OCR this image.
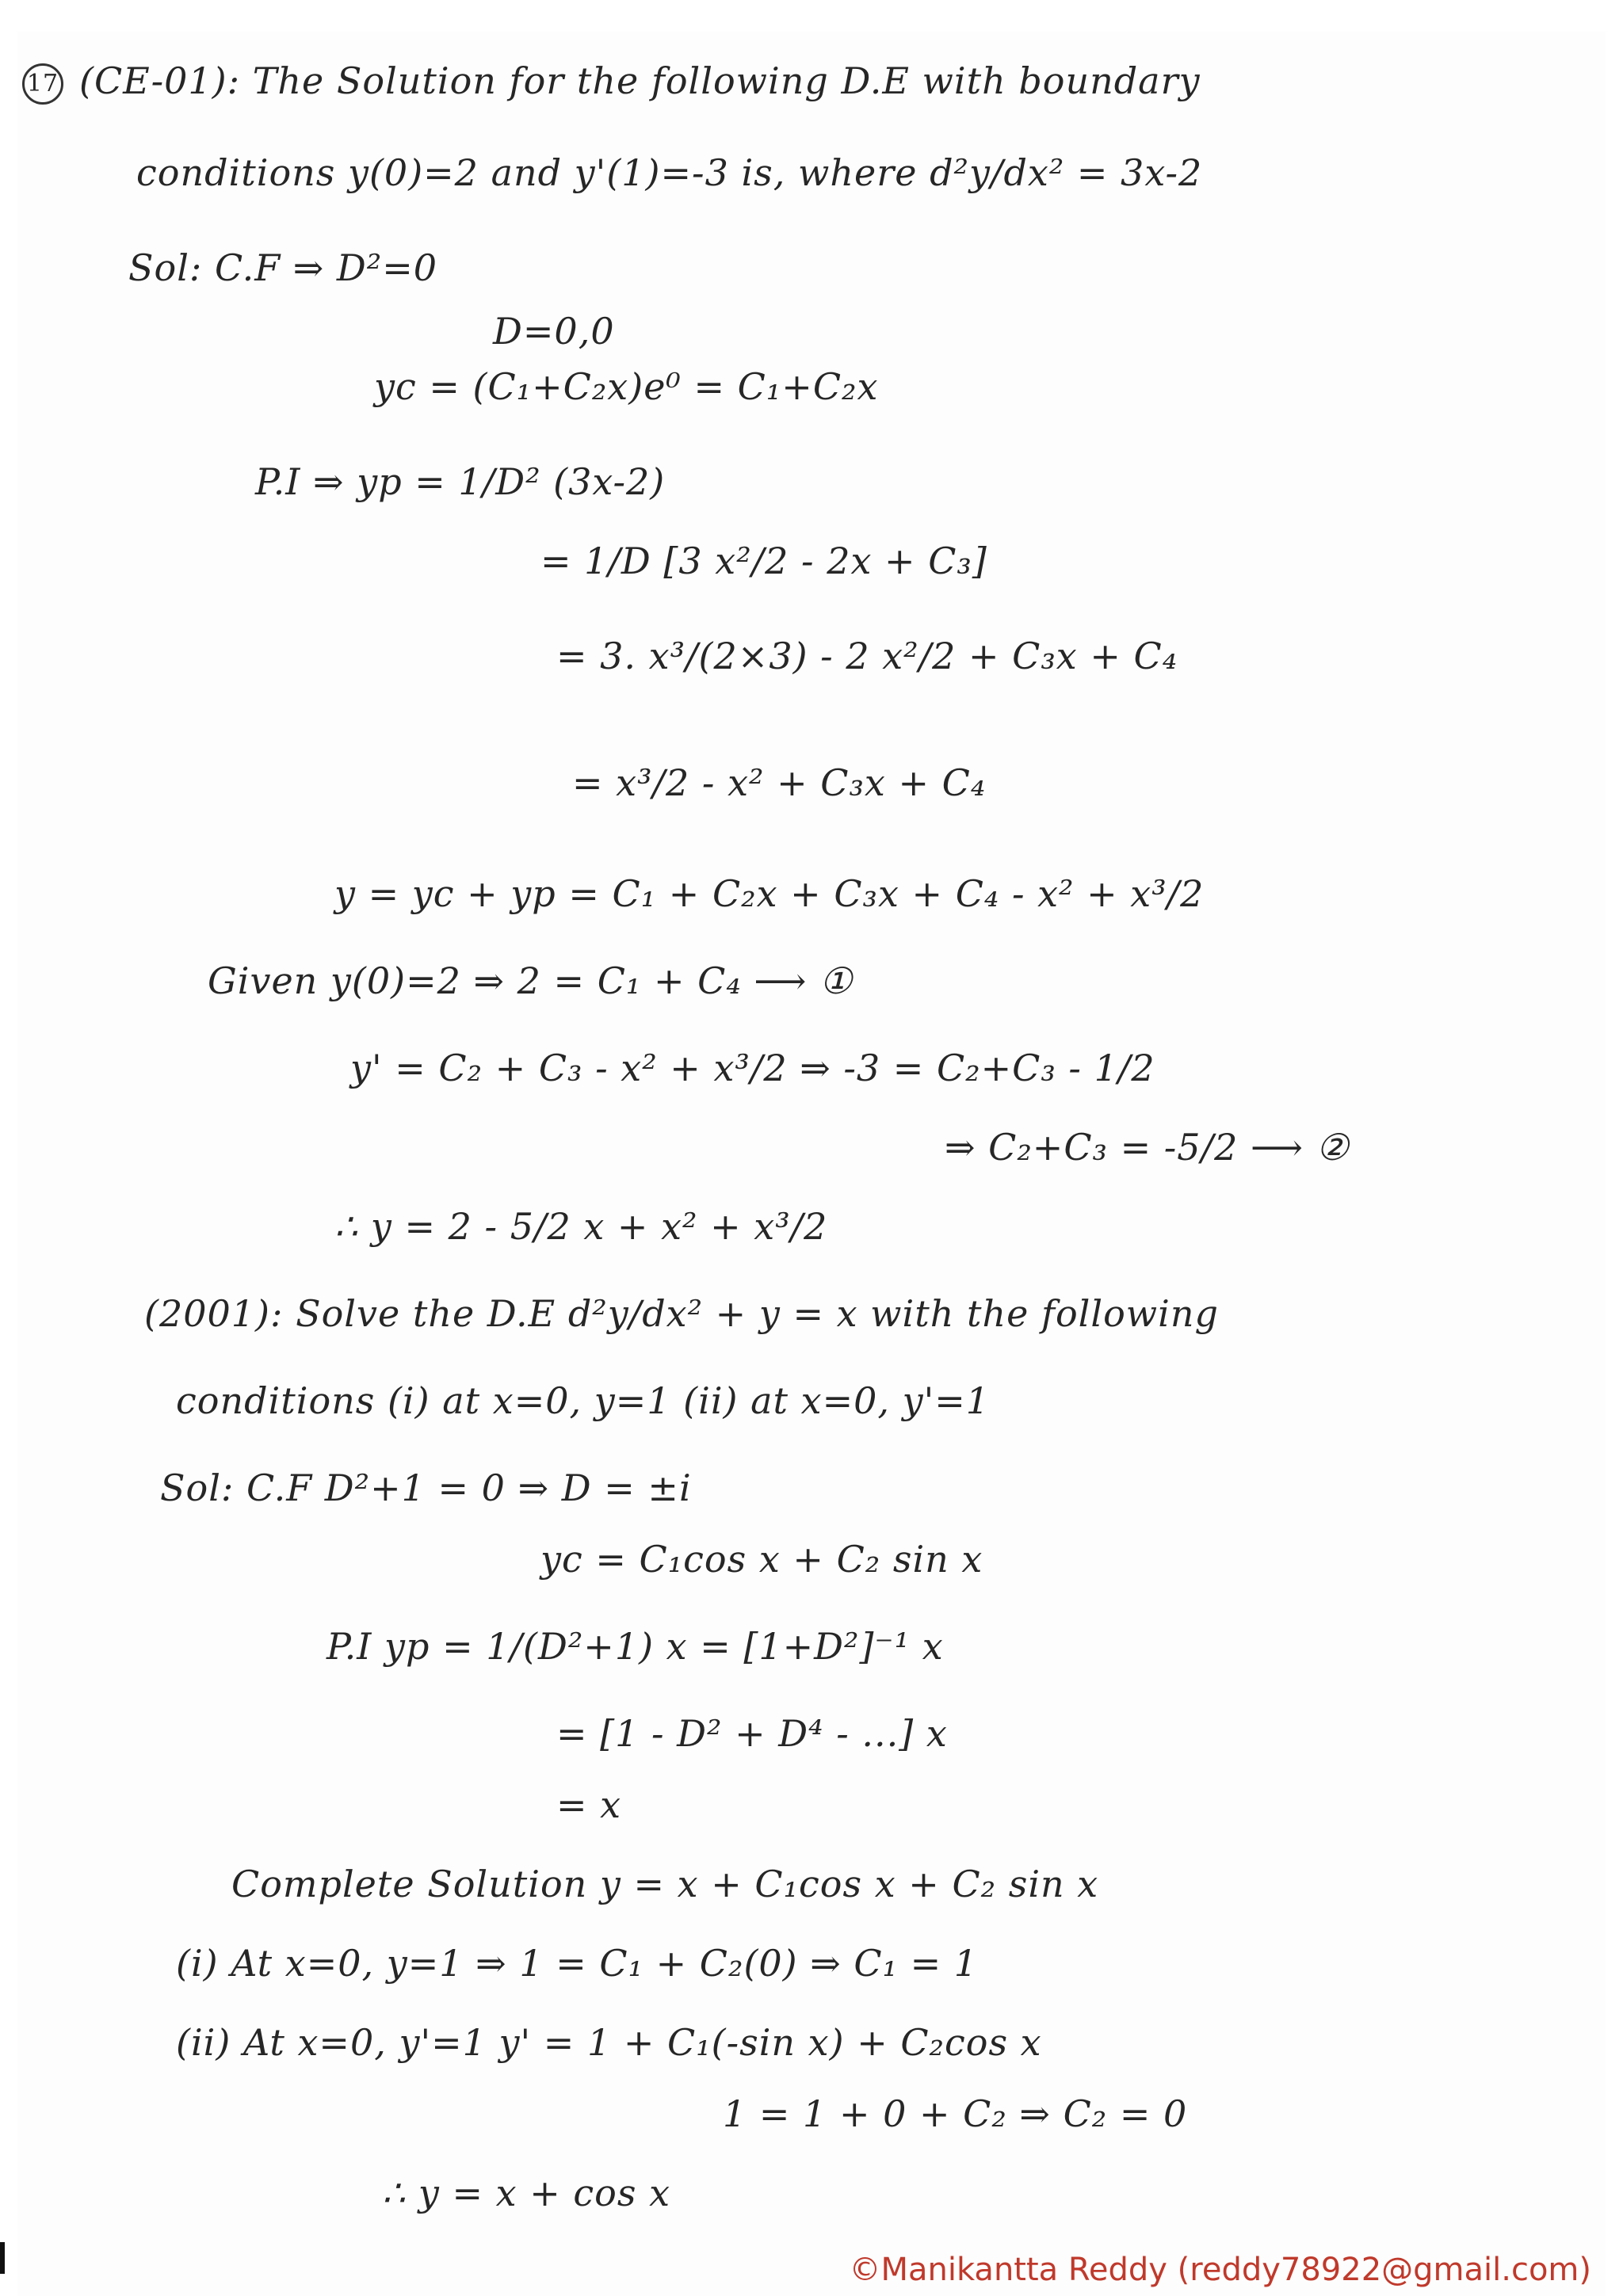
17 (CE-01): The Solution for the following D.E with boundary
conditions y(0)=2 and y'(1)=-3 is, where d²y/dx² = 3x-2
Sol: C.F ⇒ D²=0
D=0,0
yc = (C₁+C₂x)e⁰ = C₁+C₂x
P.I ⇒ yp = 1/D² (3x-2)
= 1/D [3 x²/2 - 2x + C₃]
= 3. x³/(2×3) - 2 x²/2 + C₃x + C₄
= x³/2 - x² + C₃x + C₄
y = yc + yp = C₁ + C₂x + C₃x + C₄ - x² + x³/2
Given y(0)=2 ⇒ 2 = C₁ + C₄ ⟶ ①
y' = C₂ + C₃ - x² + x³/2 ⇒ -3 = C₂+C₃ - 1/2
⇒ C₂+C₃ = -5/2 ⟶ ②
∴ y = 2 - 5/2 x + x² + x³/2
(2001): Solve the D.E d²y/dx² + y = x with the following
conditions (i) at x=0, y=1 (ii) at x=0, y'=1
Sol: C.F D²+1 = 0 ⇒ D = ±i
yc = C₁cos x + C₂ sin x
P.I yp = 1/(D²+1) x = [1+D²]⁻¹ x
= [1 - D² + D⁴ - ...] x
= x
Complete Solution y = x + C₁cos x + C₂ sin x
(i) At x=0, y=1 ⇒ 1 = C₁ + C₂(0) ⇒ C₁ = 1
(ii) At x=0, y'=1 y' = 1 + C₁(-sin x) + C₂cos x
1 = 1 + 0 + C₂ ⇒ C₂ = 0
∴ y = x + cos x
©Manikantta Reddy (reddy78922@gmail.com)
